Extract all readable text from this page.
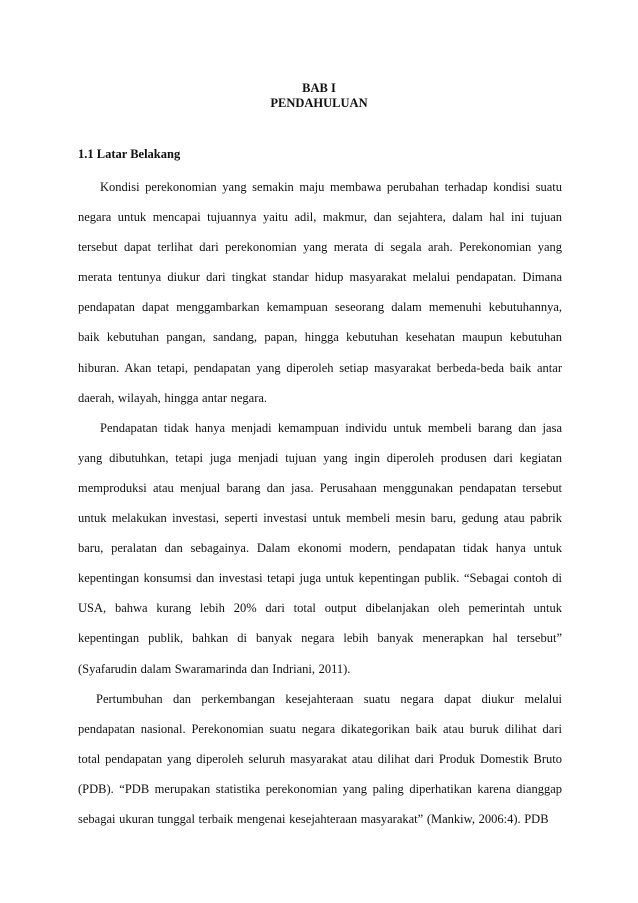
BAB I
PENDAHULUAN
1.1 Latar Belakang

Kondisi perekonomian yang semakin maju membawa perubahan terhadap kondisi suatu negara untuk mencapai tujuannya yaitu adil, makmur, dan sejahtera, dalam hal ini tujuan tersebut dapat terlihat dari perekonomian yang merata di segala arah. Perekonomian yang merata tentunya diukur dari tingkat standar hidup masyarakat melalui pendapatan. Dimana pendapatan dapat menggambarkan kemampuan seseorang dalam memenuhi kebutuhannya, baik kebutuhan pangan, sandang, papan, hingga kebutuhan kesehatan maupun kebutuhan hiburan. Akan tetapi, pendapatan yang diperoleh setiap masyarakat berbeda-beda baik antar daerah, wilayah, hingga antar negara.

Pendapatan tidak hanya menjadi kemampuan individu untuk membeli barang dan jasa yang dibutuhkan, tetapi juga menjadi tujuan yang ingin diperoleh produsen dari kegiatan memproduksi atau menjual barang dan jasa. Perusahaan menggunakan pendapatan tersebut untuk melakukan investasi, seperti investasi untuk membeli mesin baru, gedung atau pabrik baru, peralatan dan sebagainya. Dalam ekonomi modern, pendapatan tidak hanya untuk kepentingan konsumsi dan investasi tetapi juga untuk kepentingan publik. “Sebagai contoh di USA, bahwa kurang lebih 20% dari total output dibelanjakan oleh pemerintah untuk kepentingan publik, bahkan di banyak negara lebih banyak menerapkan hal tersebut” (Syafarudin dalam Swaramarinda dan Indriani, 2011).

Pertumbuhan dan perkembangan kesejahteraan suatu negara dapat diukur melalui pendapatan nasional. Perekonomian suatu negara dikategorikan baik atau buruk dilihat dari total pendapatan yang diperoleh seluruh masyarakat atau dilihat dari Produk Domestik Bruto (PDB). “PDB merupakan statistika perekonomian yang paling diperhatikan karena dianggap sebagai ukuran tunggal terbaik mengenai kesejahteraan masyarakat” (Mankiw, 2006:4). PDB
